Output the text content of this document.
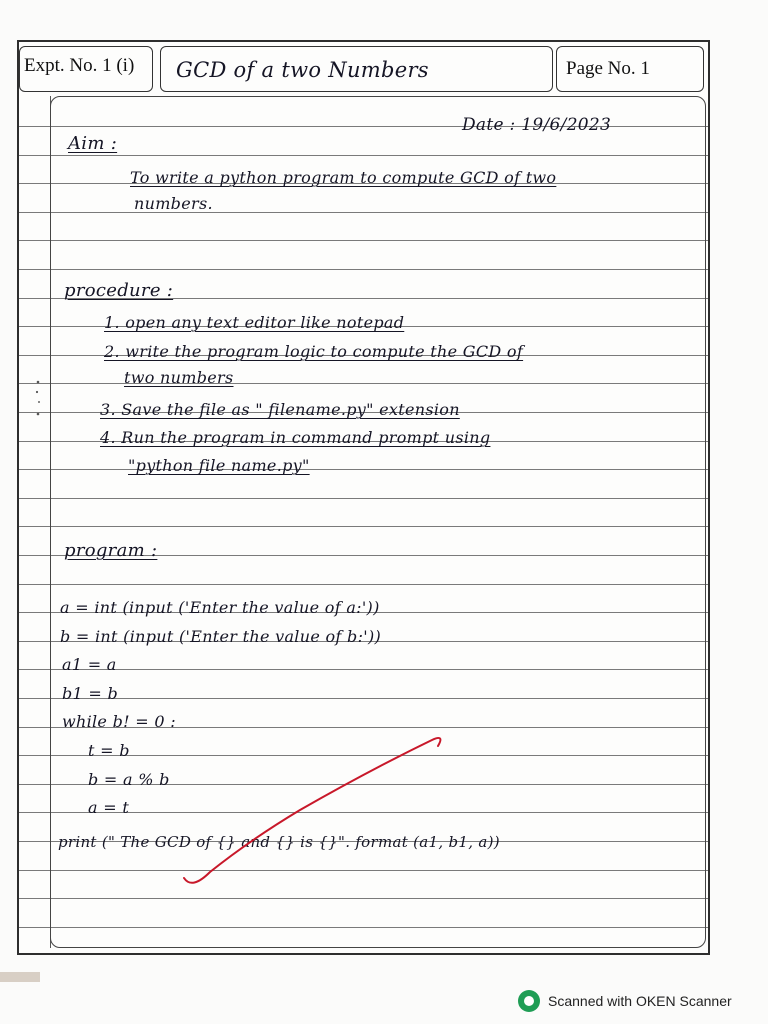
Expt. No. 1 (i) GCD of a two Numbers	Page No. 1
Date : 19/6/2023
Aim :
To write a python program to compute GCD of two
numbers.
procedure :
1. open any text editor like notepad
2. write the program logic to compute the GCD of
two numbers
3. Save the file as " filename.py" extension
4. Run the program in command prompt using
"python file name.py"
program :
a = int (input ('Enter the value of a:'))
b = int (input ('Enter the value of b:'))
a1 = a
b1 = b
while b! = 0 :
t = b
b = a % b
a = t
print (" The GCD of {} and {} is {}". format (a1, b1, a))
Scanned with OKEN Scanner
